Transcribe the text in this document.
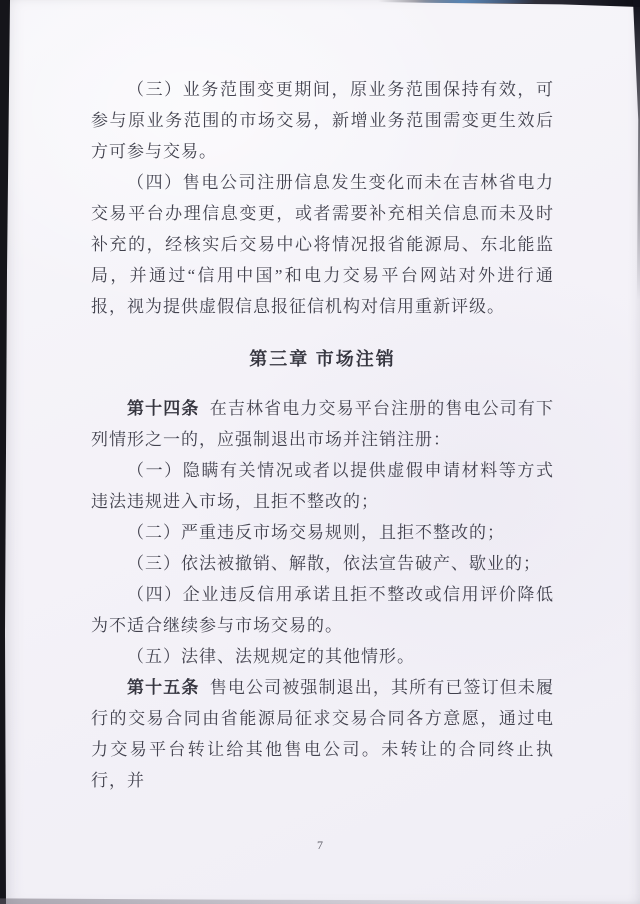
（三）业务范围变更期间，原业务范围保持有效，可参与原业务范围的市场交易，新增业务范围需变更生效后方可参与交易。

（四）售电公司注册信息发生变化而未在吉林省电力交易平台办理信息变更，或者需要补充相关信息而未及时补充的，经核实后交易中心将情况报省能源局、东北能监局，并通过“信用中国”和电力交易平台网站对外进行通报，视为提供虚假信息报征信机构对信用重新评级。

第三章 市场注销

第十四条 在吉林省电力交易平台注册的售电公司有下列情形之一的，应强制退出市场并注销注册：

（一）隐瞒有关情况或者以提供虚假申请材料等方式违法违规进入市场，且拒不整改的；

（二）严重违反市场交易规则，且拒不整改的；

（三）依法被撤销、解散，依法宣告破产、歇业的；

（四）企业违反信用承诺且拒不整改或信用评价降低为不适合继续参与市场交易的。

（五）法律、法规规定的其他情形。

第十五条 售电公司被强制退出，其所有已签订但未履行的交易合同由省能源局征求交易合同各方意愿，通过电力交易平台转让给其他售电公司。未转让的合同终止执行，并

7
